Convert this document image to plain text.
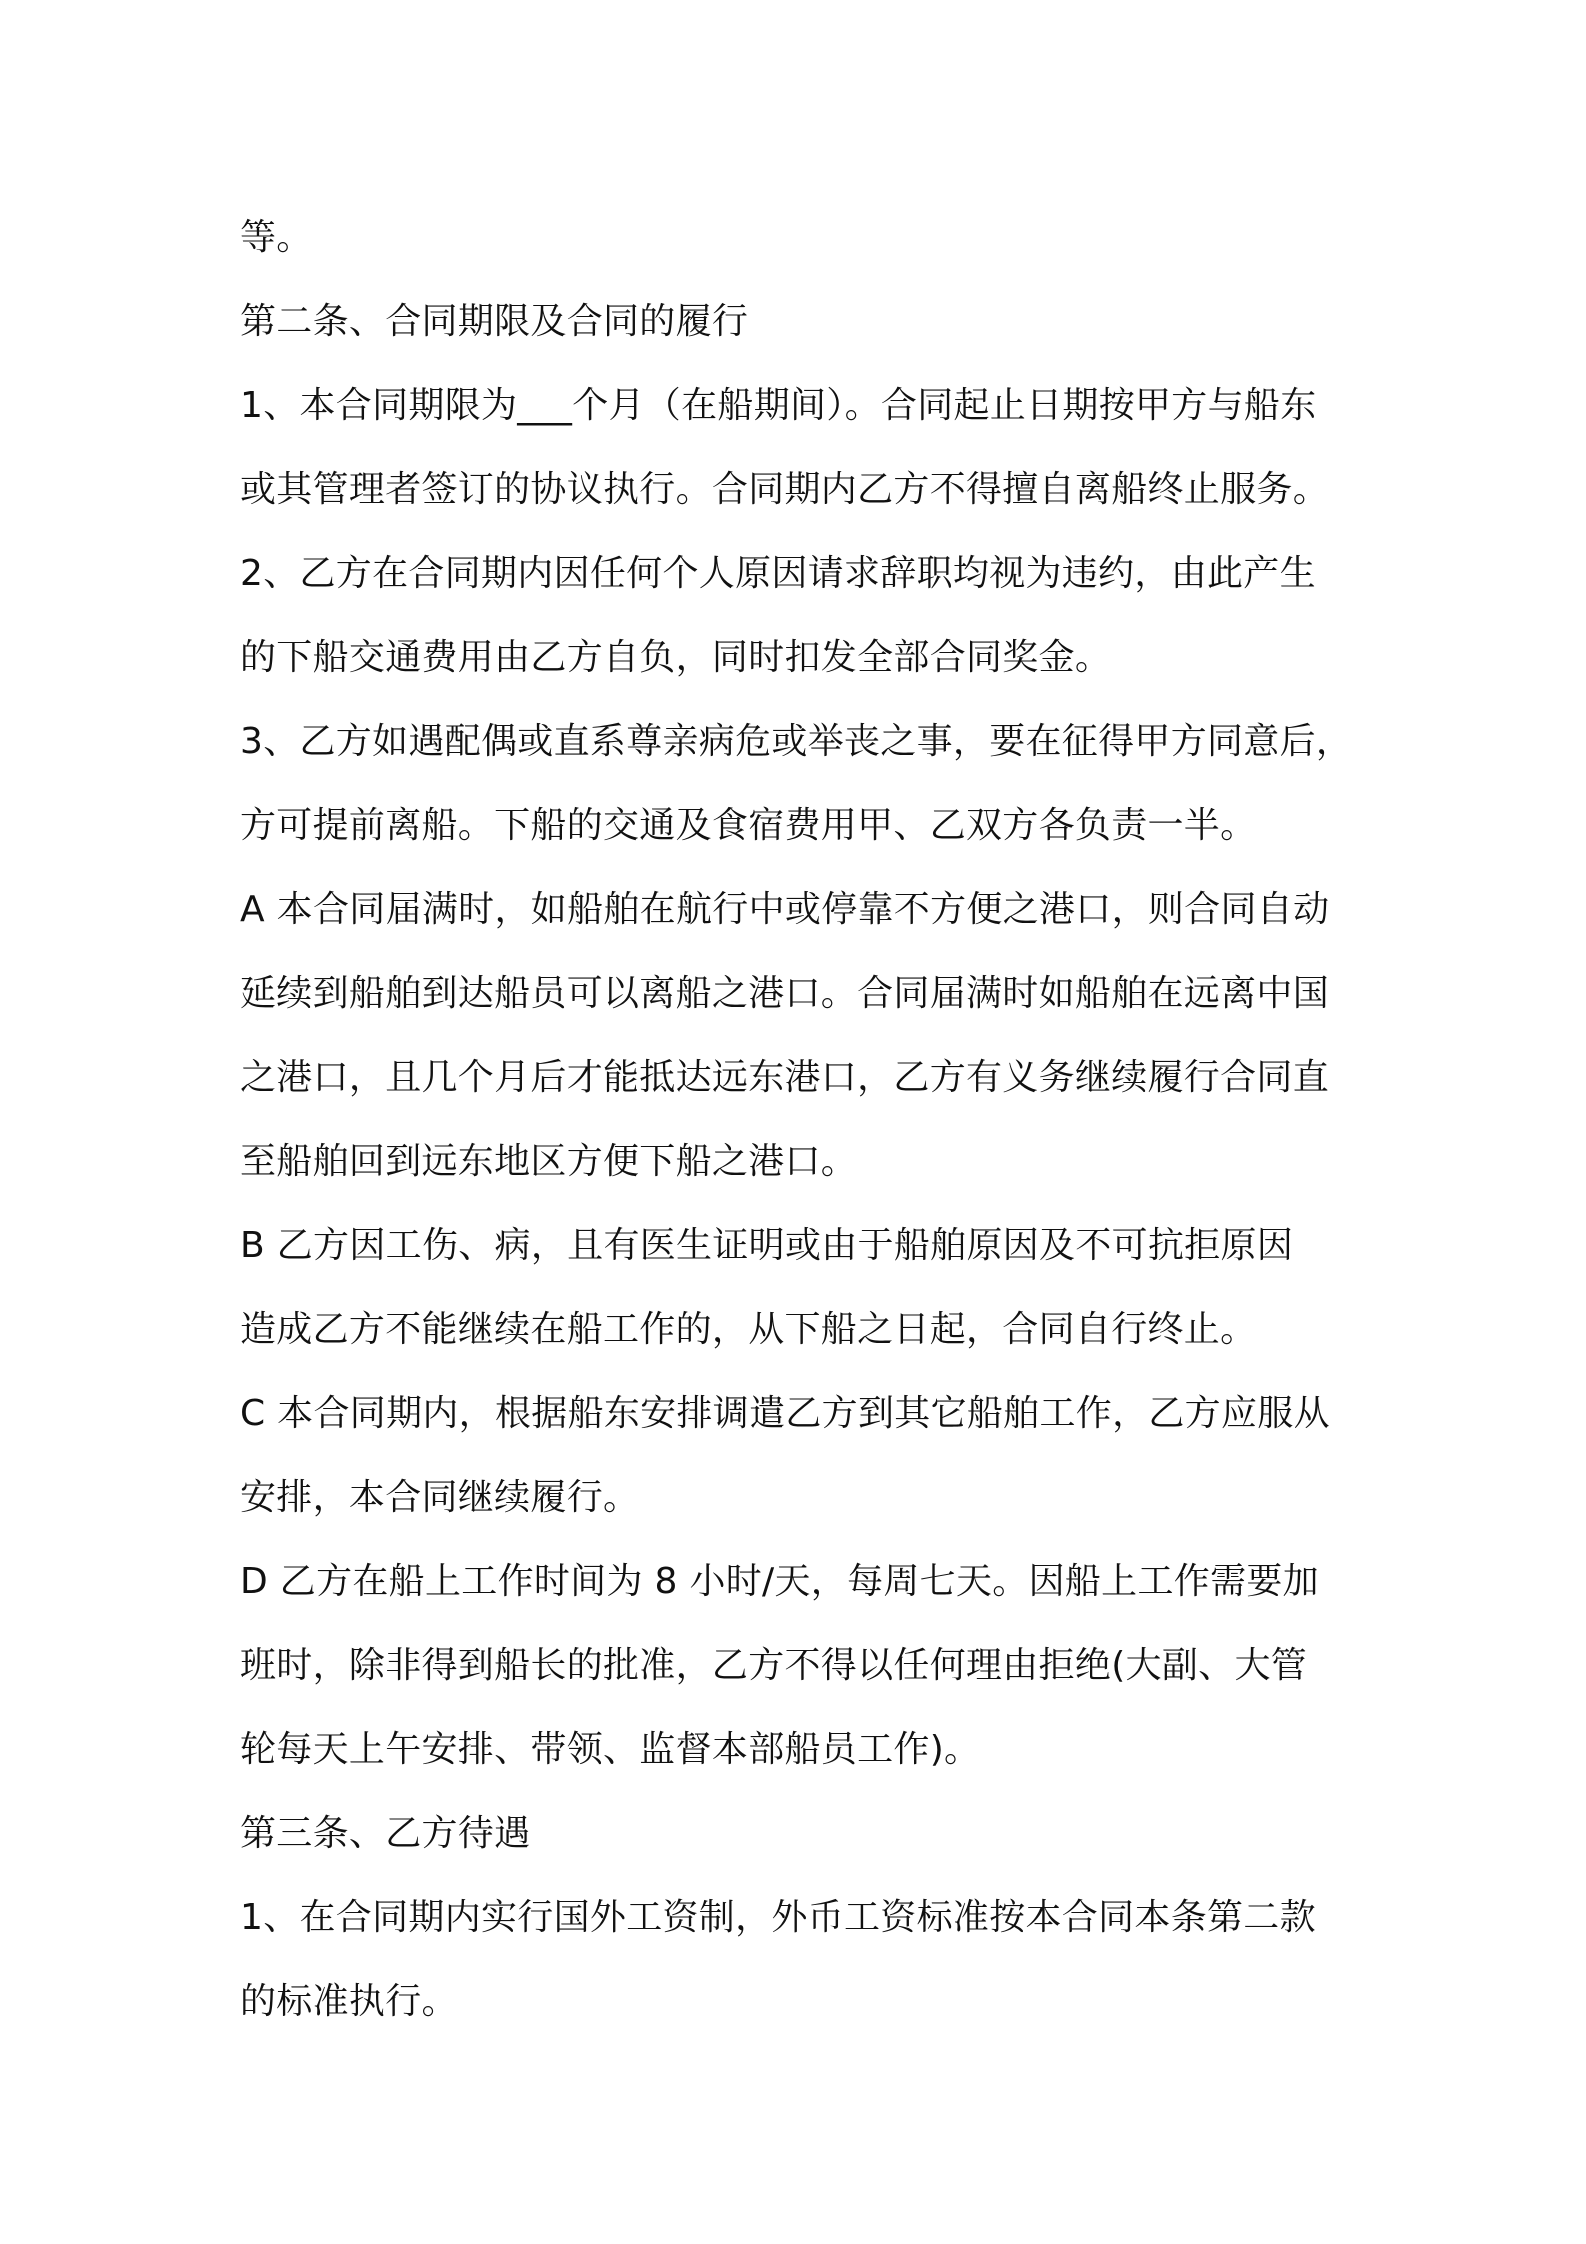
等。
第二条、合同期限及合同的履行
1、本合同期限为___个月（在船期间）。合同起止日期按甲方与船东
或其管理者签订的协议执行。合同期内乙方不得擅自离船终止服务。
2、乙方在合同期内因任何个人原因请求辞职均视为违约，由此产生
的下船交通费用由乙方自负，同时扣发全部合同奖金。
3、乙方如遇配偶或直系尊亲病危或举丧之事，要在征得甲方同意后，
方可提前离船。下船的交通及食宿费用甲、乙双方各负责一半。
A 本合同届满时，如船舶在航行中或停靠不方便之港口，则合同自动
延续到船舶到达船员可以离船之港口。合同届满时如船舶在远离中国
之港口，且几个月后才能抵达远东港口，乙方有义务继续履行合同直
至船舶回到远东地区方便下船之港口。
B 乙方因工伤、病，且有医生证明或由于船舶原因及不可抗拒原因
造成乙方不能继续在船工作的，从下船之日起，合同自行终止。
C 本合同期内，根据船东安排调遣乙方到其它船舶工作，乙方应服从
安排，本合同继续履行。
D 乙方在船上工作时间为 8 小时/天，每周七天。因船上工作需要加
班时，除非得到船长的批准，乙方不得以任何理由拒绝(大副、大管
轮每天上午安排、带领、监督本部船员工作)。
第三条、乙方待遇
1、在合同期内实行国外工资制，外币工资标准按本合同本条第二款
的标准执行。
